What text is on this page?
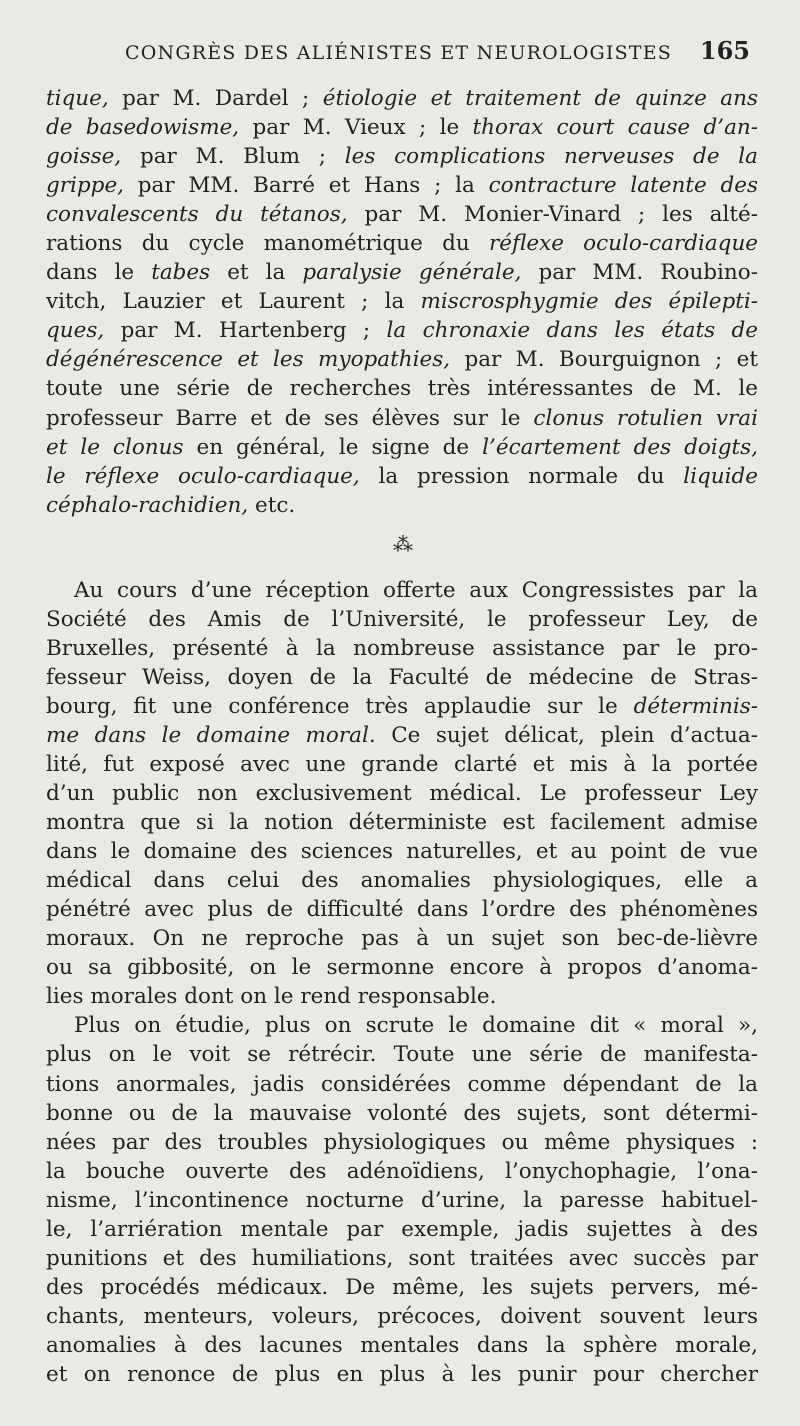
CONGRÈS DES ALIÉNISTES ET NEUROLOGISTES 165
tique, par M. Dardel ; étiologie et traitement de quinze ans
de basedowisme, par M. Vieux ; le thorax court cause d’an-
goisse, par M. Blum ; les complications nerveuses de la
grippe, par MM. Barré et Hans ; la contracture latente des
convalescents du tétanos, par M. Monier-Vinard ; les alté-
rations du cycle manométrique du réflexe oculo-cardiaque
dans le tabes et la paralysie générale, par MM. Roubino-
vitch, Lauzier et Laurent ; la miscrosphygmie des épilepti-
ques, par M. Hartenberg ; la chronaxie dans les états de
dégénérescence et les myopathies, par M. Bourguignon ; et
toute une série de recherches très intéressantes de M. le
professeur Barre et de ses élèves sur le clonus rotulien vrai
et le clonus en général, le signe de l’écartement des doigts,
le réflexe oculo-cardiaque, la pression normale du liquide
céphalo-rachidien, etc.
⁂
Au cours d’une réception offerte aux Congressistes par la
Société des Amis de l’Université, le professeur Ley, de
Bruxelles, présenté à la nombreuse assistance par le pro-
fesseur Weiss, doyen de la Faculté de médecine de Stras-
bourg, fit une conférence très applaudie sur le déterminis-
me dans le domaine moral. Ce sujet délicat, plein d’actua-
lité, fut exposé avec une grande clarté et mis à la portée
d’un public non exclusivement médical. Le professeur Ley
montra que si la notion déterministe est facilement admise
dans le domaine des sciences naturelles, et au point de vue
médical dans celui des anomalies physiologiques, elle a
pénétré avec plus de difficulté dans l’ordre des phénomènes
moraux. On ne reproche pas à un sujet son bec-de-lièvre
ou sa gibbosité, on le sermonne encore à propos d’anoma-
lies morales dont on le rend responsable.
Plus on étudie, plus on scrute le domaine dit « moral »,
plus on le voit se rétrécir. Toute une série de manifesta-
tions anormales, jadis considérées comme dépendant de la
bonne ou de la mauvaise volonté des sujets, sont détermi-
nées par des troubles physiologiques ou même physiques :
la bouche ouverte des adénoïdiens, l’onychophagie, l’ona-
nisme, l’incontinence nocturne d’urine, la paresse habituel-
le, l’arriération mentale par exemple, jadis sujettes à des
punitions et des humiliations, sont traitées avec succès par
des procédés médicaux. De même, les sujets pervers, mé-
chants, menteurs, voleurs, précoces, doivent souvent leurs
anomalies à des lacunes mentales dans la sphère morale,
et on renonce de plus en plus à les punir pour chercher
